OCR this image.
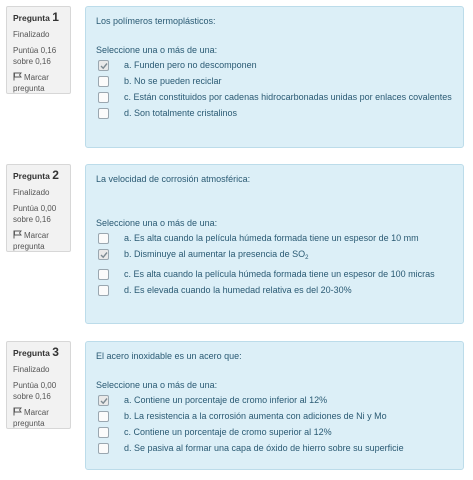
Pregunta 1
Finalizado
Puntúa 0,16 sobre 0,16
Marcar pregunta
Los polímeros termoplásticos:
Seleccione una o más de una:
a. Funden pero no descomponen
b. No se pueden reciclar
c. Están constituidos por cadenas hidrocarbonadas unidas por enlaces covalentes
d. Son totalmente cristalinos
Pregunta 2
Finalizado
Puntúa 0,00 sobre 0,16
Marcar pregunta
La velocidad de corrosión atmosférica:
Seleccione una o más de una:
a. Es alta cuando la película húmeda formada tiene un espesor de 10 mm
b. Disminuye al aumentar la presencia de $SO_2$
c. Es alta cuando la película húmeda formada tiene un espesor de 100 micras
d. Es elevada cuando la humedad relativa es del 20-30%
Pregunta 3
Finalizado
Puntúa 0,00 sobre 0,16
Marcar pregunta
El acero inoxidable es un acero que:
Seleccione una o más de una:
a. Contiene un porcentaje de cromo inferior al 12%
b. La resistencia a la corrosión aumenta con adiciones de Ni y Mo
c. Contiene un porcentaje de cromo superior al 12%
d. Se pasiva al formar una capa de óxido de hierro sobre su superficie
